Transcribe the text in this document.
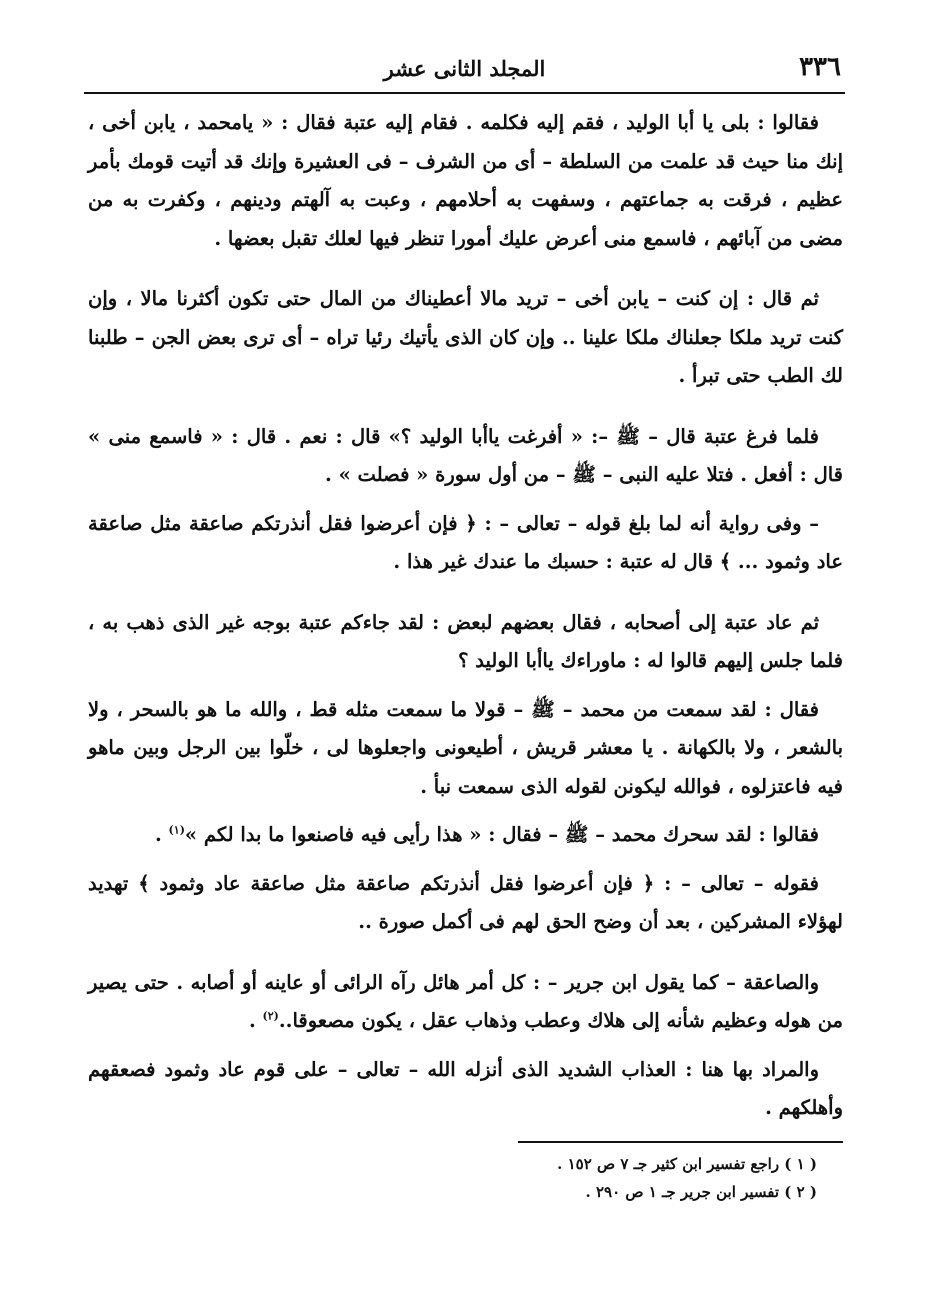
٣٣٦
المجلد الثانى عشر

فقالوا : بلى يا أبا الوليد ، فقم إليه فكلمه . فقام إليه عتبة فقال : « يامحمد ، يابن أخى ، إنك منا حيث قد علمت من السلطة – أى من الشرف – فى العشيرة وإنك قد أتيت قومك بأمر عظيم ، فرقت به جماعتهم ، وسفهت به أحلامهم ، وعبت به آلهتم ودينهم ، وكفرت به من مضى من آبائهم ، فاسمع منى أعرض عليك أمورا تنظر فيها لعلك تقبل بعضها .

ثم قال : إن كنت – يابن أخى – تريد مالا أعطيناك من المال حتى تكون أكثرنا مالا ، وإن كنت تريد ملكا جعلناك ملكا علينا .. وإن كان الذى يأتيك رئيا تراه – أى ترى بعض الجن – طلبنا لك الطب حتى تبرأ .

فلما فرغ عتبة قال – ﷺ –: « أفرغت ياأبا الوليد ؟» قال : نعم . قال : « فاسمع منى » قال : أفعل . فتلا عليه النبى – ﷺ – من أول سورة « فصلت » .

– وفى رواية أنه لما بلغ قوله – تعالى – : ﴿ فإن أعرضوا فقل أنذرتكم صاعقة مثل صاعقة عاد وثمود ... ﴾ قال له عتبة : حسبك ما عندك غير هذا .

ثم عاد عتبة إلى أصحابه ، فقال بعضهم لبعض : لقد جاءكم عتبة بوجه غير الذى ذهب به ، فلما جلس إليهم قالوا له : ماوراءك ياأبا الوليد ؟

فقال : لقد سمعت من محمد – ﷺ – قولا ما سمعت مثله قط ، والله ما هو بالسحر ، ولا بالشعر ، ولا بالكهانة . يا معشر قريش ، أطيعونى واجعلوها لى ، خلّوا بين الرجل وبين ماهو فيه فاعتزلوه ، فوالله ليكونن لقوله الذى سمعت نبأ .

فقالوا : لقد سحرك محمد – ﷺ – فقال : « هذا رأيى فيه فاصنعوا ما بدا لكم »$^{(١)}$ .

فقوله – تعالى – : ﴿ فإن أعرضوا فقل أنذرتكم صاعقة مثل صاعقة عاد وثمود ﴾ تهديد لهؤلاء المشركين ، بعد أن وضح الحق لهم فى أكمل صورة ..

والصاعقة – كما يقول ابن جرير – : كل أمر هائل رآه الرائى أو عاينه أو أصابه . حتى يصير من هوله وعظيم شأنه إلى هلاك وعطب وذهاب عقل ، يكون مصعوقا..$^{(٢)}$ .

والمراد بها هنا : العذاب الشديد الذى أنزله الله – تعالى – على قوم عاد وثمود فصعقهم وأهلكهم .

( ١ ) راجع تفسير ابن كثير جـ ٧ ص ١٥٢ .

( ٢ ) تفسير ابن جرير جـ ١ ص ٢٩٠ .
